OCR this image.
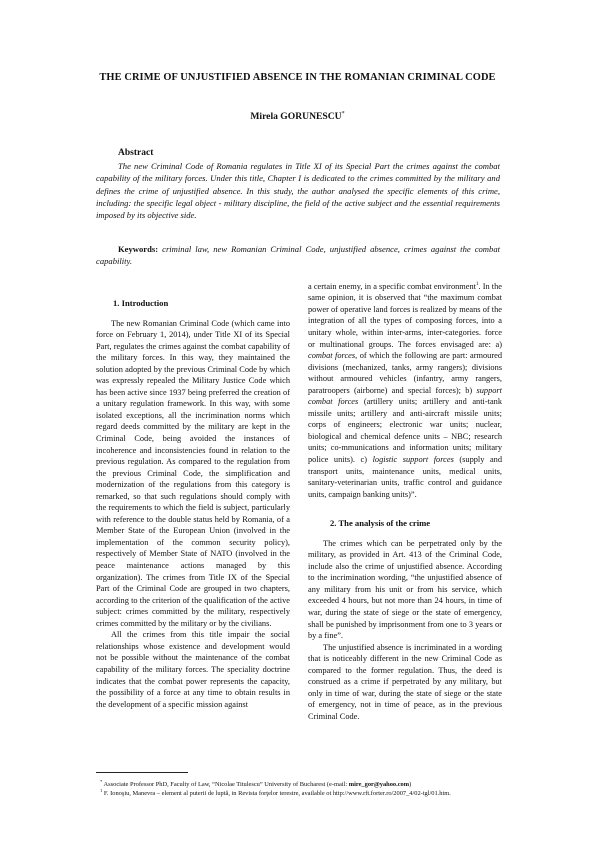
THE CRIME OF UNJUSTIFIED ABSENCE IN THE ROMANIAN CRIMINAL CODE
Mirela GORUNESCU*
Abstract
The new Criminal Code of Romania regulates in Title XI of its Special Part the crimes against the combat capability of the military forces. Under this title, Chapter I is dedicated to the crimes committed by the military and defines the crime of unjustified absence. In this study, the author analysed the specific elements of this crime, including: the specific legal object - military discipline, the field of the active subject and the essential requirements imposed by its objective side.
Keywords: criminal law, new Romanian Criminal Code, unjustified absence, crimes against the combat capability.
1. Introduction

The new Romanian Criminal Code (which came into force on February 1, 2014), under Title XI of its Special Part, regulates the crimes against the combat capability of the military forces. In this way, they maintained the solution adopted by the previous Criminal Code by which was expressly repealed the Military Justice Code which has been active since 1937 being preferred the creation of a unitary regulation framework. In this way, with some isolated exceptions, all the incrimination norms which regard deeds committed by the military are kept in the Criminal Code, being avoided the instances of incoherence and inconsistencies found in relation to the previous regulation. As compared to the regulation from the previous Criminal Code, the simplification and modernization of the regulations from this category is remarked, so that such regulations should comply with the requirements to which the field is subject, particularly with reference to the double status held by Romania, of a Member State of the European Union (involved in the implementation of the common security policy), respectively of Member State of NATO (involved in the peace maintenance actions managed by this organization). The crimes from Title IX of the Special Part of the Criminal Code are grouped in two chapters, according to the criterion of the qualification of the active subject: crimes committed by the military, respectively crimes committed by the military or by the civilians.

All the crimes from this title impair the social relationships whose existence and development would not be possible without the maintenance of the combat capability of the military forces. The speciality doctrine indicates that the combat power represents the capacity, the possibility of a force at any time to obtain results in the development of a specific mission against

a certain enemy, in a specific combat environment$^1$. In the same opinion, it is observed that “the maximum combat power of operative land forces is realized by means of the integration of all the types of composing forces, into a unitary whole, within inter-arms, inter-categories. force or multinational groups. The forces envisaged are: a) combat forces, of which the following are part: armoured divisions (mechanized, tanks, army rangers); divisions without armoured vehicles (infantry, army rangers, paratroopers (airborne) and special forces); b) support combat forces (artillery units; artillery and anti-tank missile units; artillery and anti-aircraft missile units; corps of engineers; electronic war units; nuclear, biological and chemical defence units – NBC; research units; co-mmunications and information units; military police units). c) logistic support forces (supply and transport units, maintenance units, medical units, sanitary-veterinarian units, traffic control and guidance units, campaign banking units)”.

2. The analysis of the crime

The crimes which can be perpetrated only by the military, as provided in Art. 413 of the Criminal Code, include also the crime of unjustified absence. According to the incrimination wording, “the unjustified absence of any military from his unit or from his service, which exceeded 4 hours, but not more than 24 hours, in time of war, during the state of siege or the state of emergency, shall be punished by imprisonment from one to 3 years or by a fine”.

The unjustified absence is incriminated in a wording that is noticeably different in the new Criminal Code as compared to the former regulation. Thus, the deed is construed as a crime if perpetrated by any military, but only in time of war, during the state of siege or the state of emergency, not in time of peace, as in the previous Criminal Code.

* Associate Professor PhD, Faculty of Law, “Nicolae Titulescu” University of Bucharest (e-mail: mire_gor@yahoo.com)
$^1$ F. Ionoşiu, Manevra – element al puterii de luptă, in Revista forţelor terestre, available ot http://www.rft.forter.ro/2007_4/02-tgl/01.htm.
